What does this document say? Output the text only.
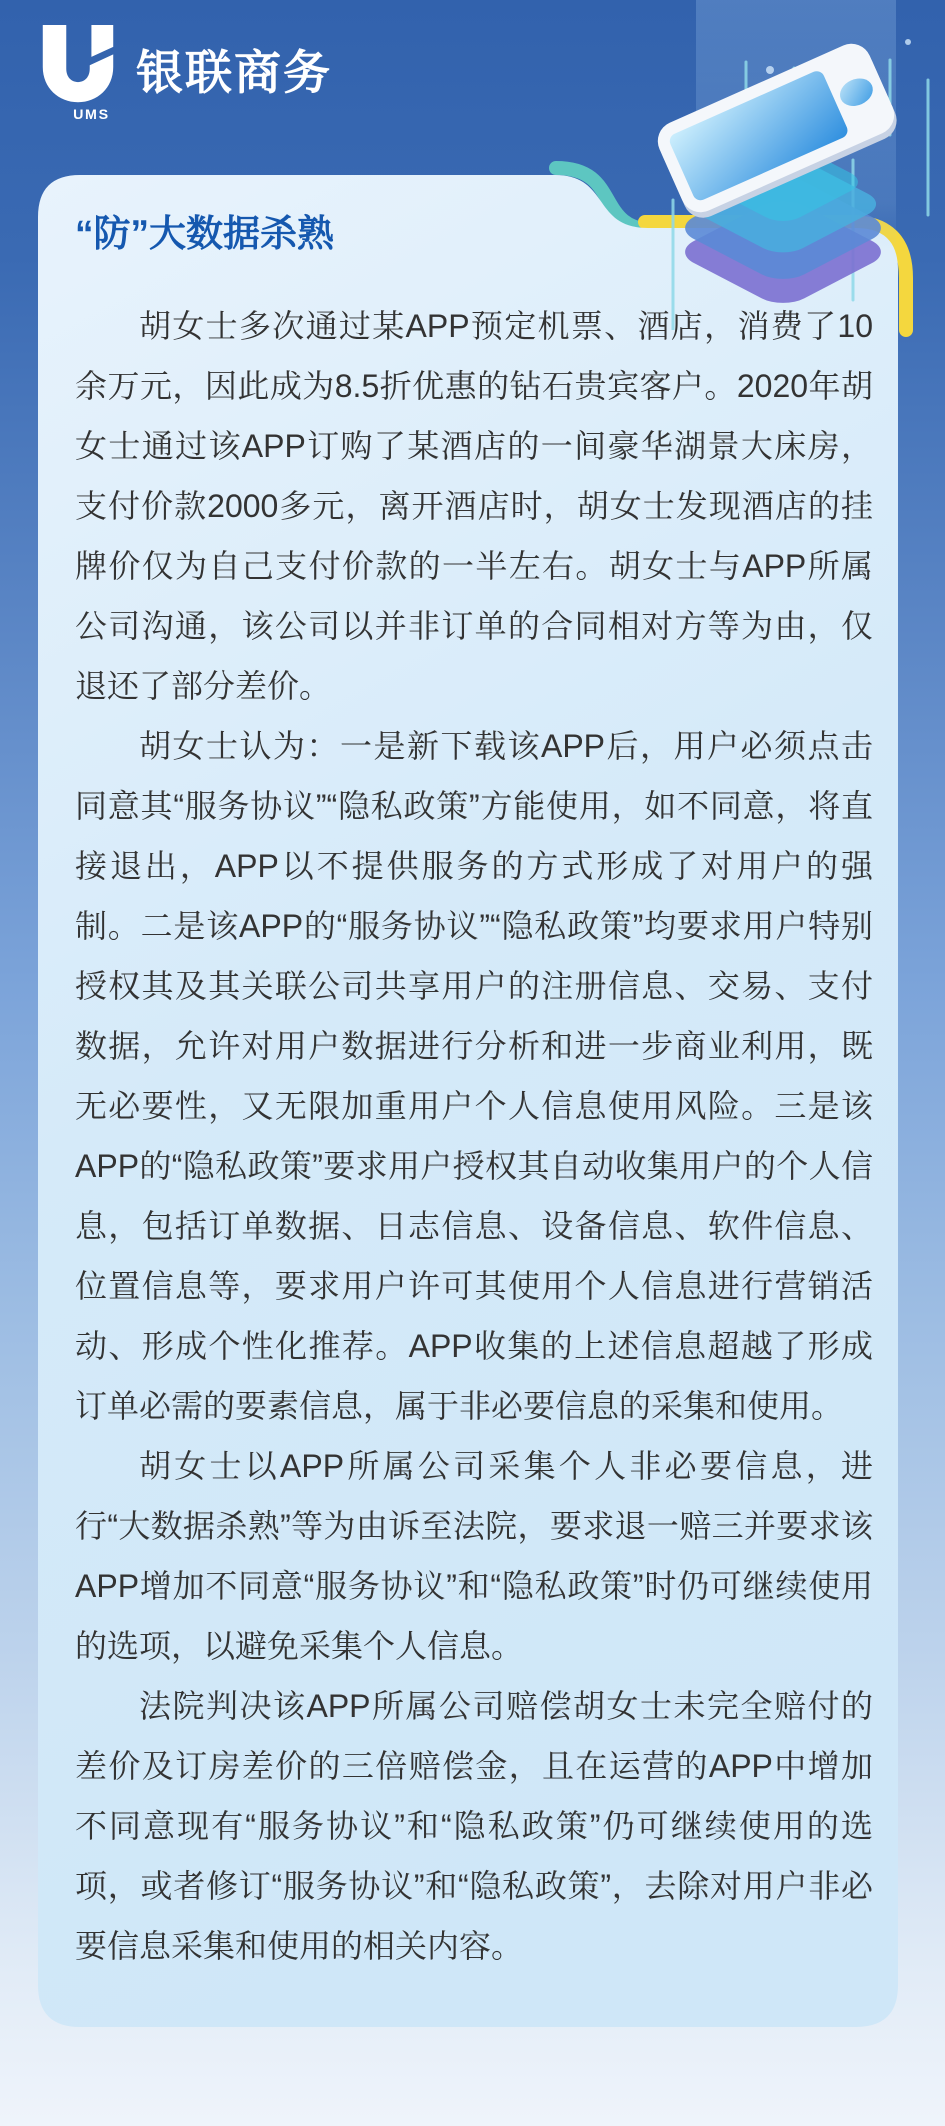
UMS
银联商务
“防”大数据杀熟

胡女士多次通过某APP预定机票、酒店，消费了10余万元，因此成为8.5折优惠的钻石贵宾客户。2020年胡女士通过该APP订购了某酒店的一间豪华湖景大床房，支付价款2000多元，离开酒店时，胡女士发现酒店的挂牌价仅为自己支付价款的一半左右。胡女士与APP所属公司沟通，该公司以并非订单的合同相对方等为由，仅退还了部分差价。

胡女士认为：一是新下载该APP后，用户必须点击同意其“服务协议”“隐私政策”方能使用，如不同意，将直接退出，APP以不提供服务的方式形成了对用户的强制。二是该APP的“服务协议”“隐私政策”均要求用户特别授权其及其关联公司共享用户的注册信息、交易、支付数据，允许对用户数据进行分析和进一步商业利用，既无必要性，又无限加重用户个人信息使用风险。三是该APP的“隐私政策”要求用户授权其自动收集用户的个人信息，包括订单数据、日志信息、设备信息、软件信息、位置信息等，要求用户许可其使用个人信息进行营销活动、形成个性化推荐。APP收集的上述信息超越了形成订单必需的要素信息，属于非必要信息的采集和使用。

胡女士以APP所属公司采集个人非必要信息，进行“大数据杀熟”等为由诉至法院，要求退一赔三并要求该APP增加不同意“服务协议”和“隐私政策”时仍可继续使用的选项，以避免采集个人信息。

法院判决该APP所属公司赔偿胡女士未完全赔付的差价及订房差价的三倍赔偿金，且在运营的APP中增加不同意现有“服务协议”和“隐私政策”仍可继续使用的选项，或者修订“服务协议”和“隐私政策”，去除对用户非必要信息采集和使用的相关内容。
